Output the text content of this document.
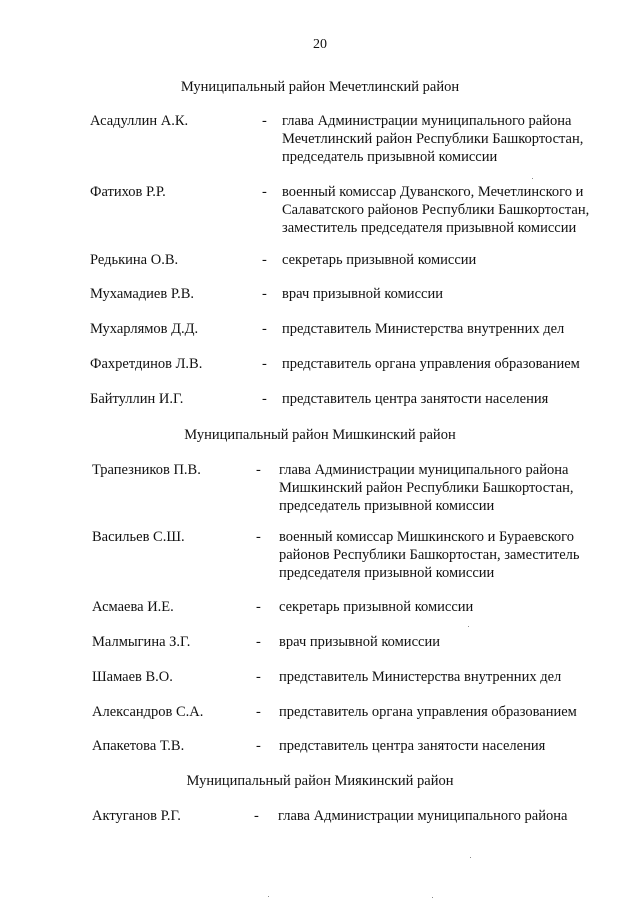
20
Муниципальный район Мечетлинский район
Асадуллин А.К.	- глава Администрации муниципального района Мечетлинский район Республики Башкортостан, председатель призывной комиссии
Фатихов Р.Р.	- военный комиссар Дуванского, Мечетлинского и Салаватского районов Республики Башкортостан, заместитель председателя призывной комиссии
Редькина О.В.	- секретарь призывной комиссии
Мухамадиев Р.В.	- врач призывной комиссии
Мухарлямов Д.Д.	- представитель Министерства внутренних дел
Фахретдинов Л.В.	- представитель органа управления образованием
Байтуллин И.Г.	- представитель центра занятости населения
Муниципальный район Мишкинский район
Трапезников П.В.	- глава Администрации муниципального района Мишкинский район Республики Башкортостан, председатель призывной комиссии
Васильев С.Ш.	- военный комиссар Мишкинского и Бураевского районов Республики Башкортостан, заместитель председателя призывной комиссии
Асмаева И.Е.	- секретарь призывной комиссии
Малмыгина З.Г.	- врач призывной комиссии
Шамаев В.О.	- представитель Министерства внутренних дел
Александров С.А.	- представитель органа управления образованием
Апакетова Т.В.	- представитель центра занятости населения
Муниципальный район Миякинский район
Актуганов Р.Г.	- глава Администрации муниципального района
